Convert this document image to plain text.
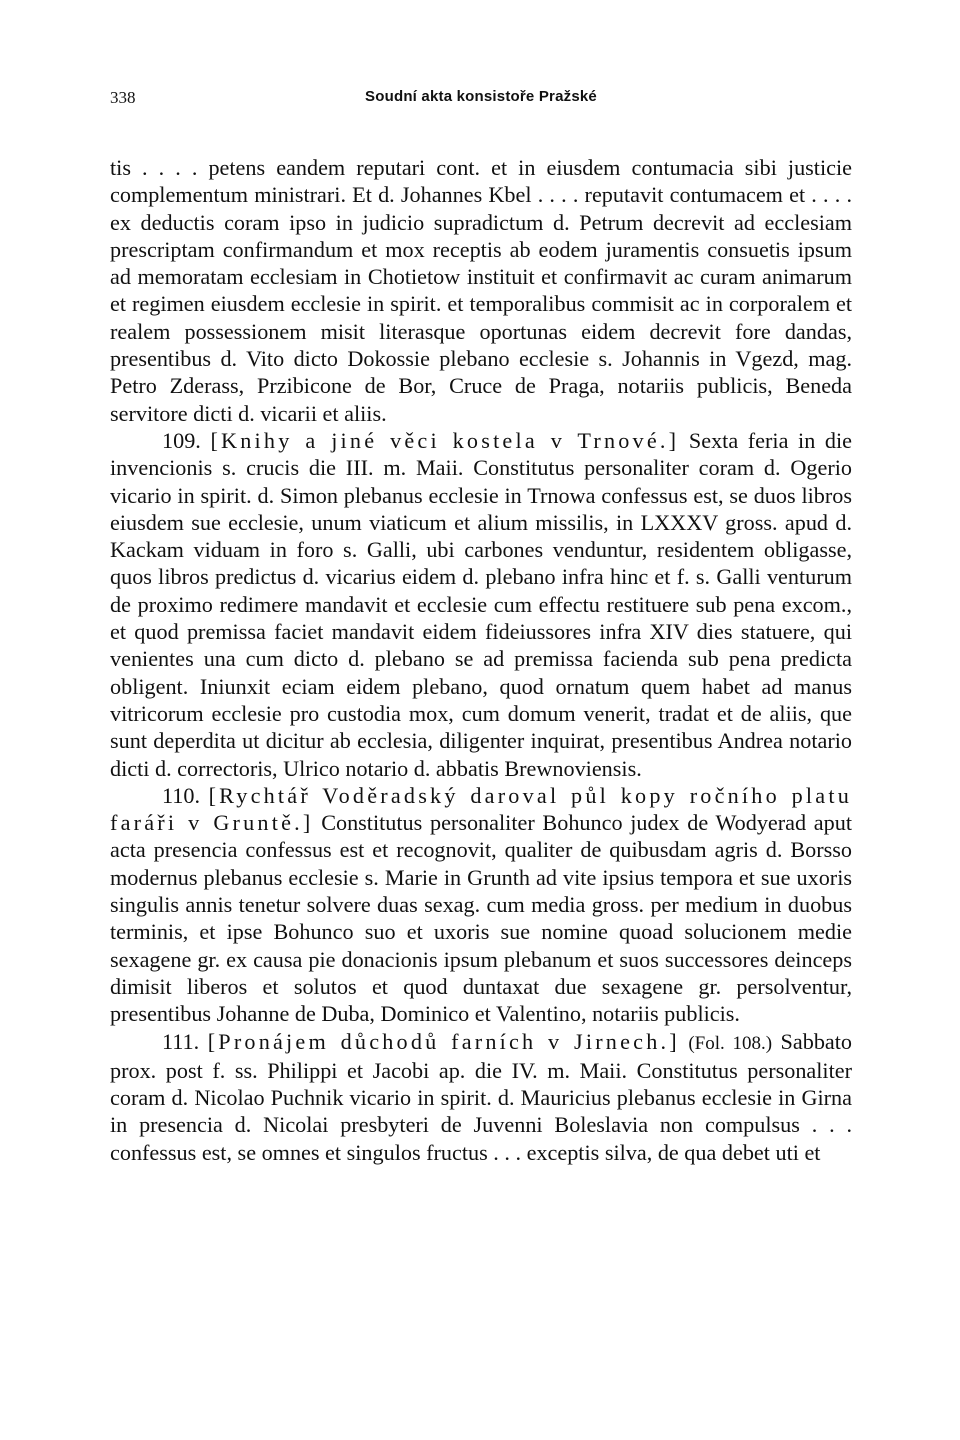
338	Soudní akta konsistoře Pražské

tis . . . . petens eandem reputari cont. et in eiusdem contumacia sibi justicie complementum ministrari. Et d. Johannes Kbel . . . . reputavit contumacem et . . . . ex deductis coram ipso in judicio supradictum d. Petrum decrevit ad ecclesiam prescriptam confirmandum et mox receptis ab eodem juramentis consuetis ipsum ad memoratam ecclesiam in Chotietow instituit et confirmavit ac curam animarum et regimen eiusdem ecclesie in spirit. et temporalibus commisit ac in corporalem et realem possessionem misit literasque oportunas eidem decrevit fore dandas, presentibus d. Vito dicto Dokossie plebano ecclesie s. Johannis in Vgezd, mag. Petro Zderass, Przibicone de Bor, Cruce de Praga, notariis publicis, Beneda servitore dicti d. vicarii et aliis.

109. [Knihy a jiné věci kostela v Trnové.] Sexta feria in die invencionis s. crucis die III. m. Maii. Constitutus personaliter coram d. Ogerio vicario in spirit. d. Simon plebanus ecclesie in Trnowa confessus est, se duos libros eiusdem sue ecclesie, unum viaticum et alium missilis, in LXXXV gross. apud d. Kackam viduam in foro s. Galli, ubi carbones venduntur, residentem obligasse, quos libros predictus d. vicarius eidem d. plebano infra hinc et f. s. Galli venturum de proximo redimere mandavit et ecclesie cum effectu restituere sub pena excom., et quod premissa faciet mandavit eidem fideiussores infra XIV dies statuere, qui venientes una cum dicto d. plebano se ad premissa facienda sub pena predicta obligent. Iniunxit eciam eidem plebano, quod ornatum quem habet ad manus vitricorum ecclesie pro custodia mox, cum domum venerit, tradat et de aliis, que sunt deperdita ut dicitur ab ecclesia, diligenter inquirat, presentibus Andrea notario dicti d. correctoris, Ulrico notario d. abbatis Brewnoviensis.

110. [Rychtář Voděradský daroval půl kopy ročního platu faráři v Gruntě.] Constitutus personaliter Bohunco judex de Wodyerad aput acta presencia confessus est et recognovit, qualiter de quibusdam agris d. Borsso modernus plebanus ecclesie s. Marie in Grunth ad vite ipsius tempora et sue uxoris singulis annis tenetur solvere duas sexag. cum media gross. per medium in duobus terminis, et ipse Bohunco suo et uxoris sue nomine quoad solucionem medie sexagene gr. ex causa pie donacionis ipsum plebanum et suos successores deinceps dimisit liberos et solutos et quod duntaxat due sexagene gr. persolventur, presentibus Johanne de Duba, Dominico et Valentino, notariis publicis.

111. [Pronájem důchodů farních v Jirnech.] (Fol. 108.) Sabbato prox. post f. ss. Philippi et Jacobi ap. die IV. m. Maii. Constitutus personaliter coram d. Nicolao Puchnik vicario in spirit. d. Mauricius plebanus ecclesie in Girna in presencia d. Nicolai presbyteri de Juvenni Boleslavia non compulsus . . . confessus est, se omnes et singulos fructus . . . exceptis silva, de qua debet uti et
